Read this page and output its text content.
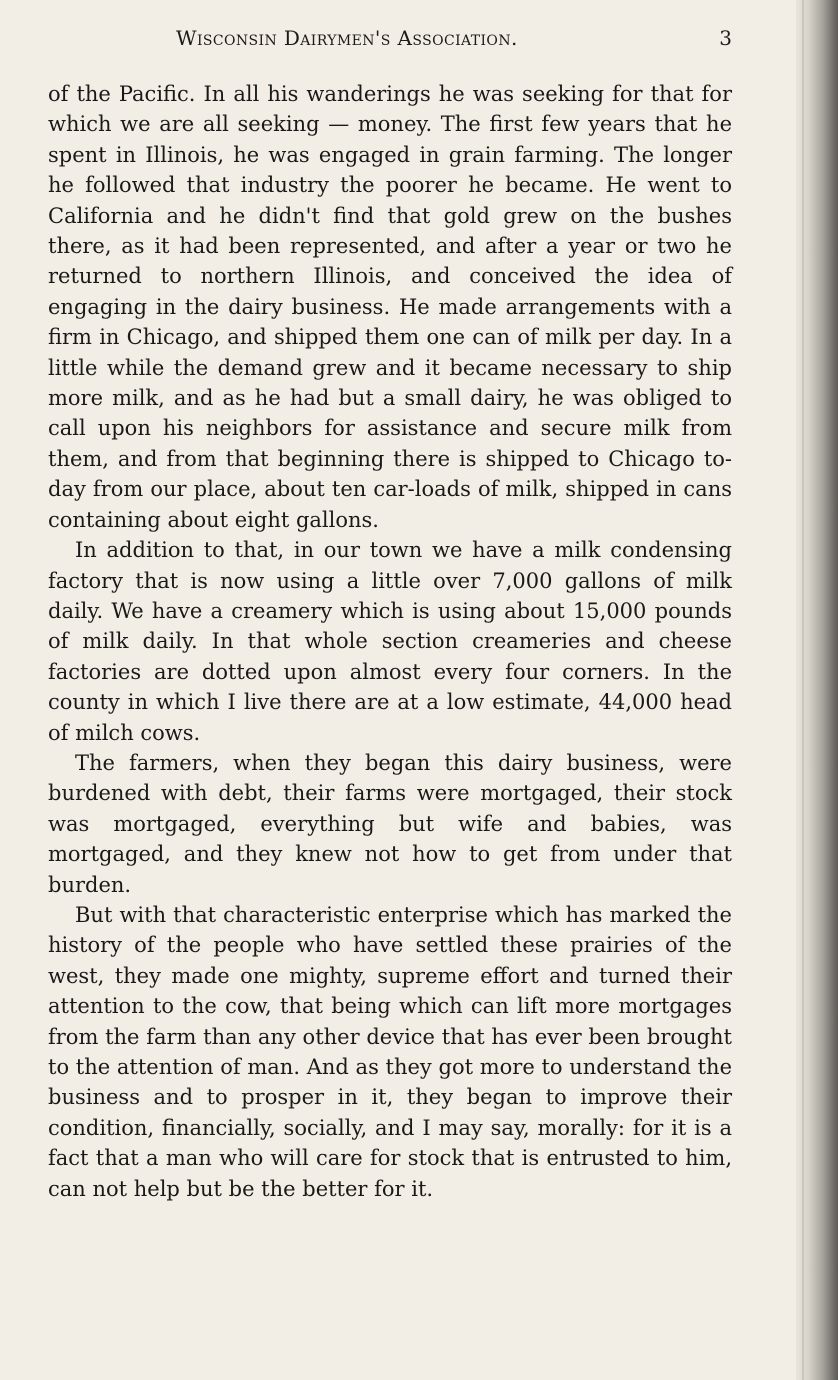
Wisconsin Dairymen's Association.	3

of the Pacific. In all his wanderings he was seeking for that for which we are all seeking — money. The first few years that he spent in Illinois, he was engaged in grain farming. The longer he followed that industry the poorer he became. He went to California and he didn't find that gold grew on the bushes there, as it had been represented, and after a year or two he returned to northern Illinois, and conceived the idea of engaging in the dairy business. He made arrangements with a firm in Chicago, and shipped them one can of milk per day. In a little while the demand grew and it became necessary to ship more milk, and as he had but a small dairy, he was obliged to call upon his neighbors for assistance and secure milk from them, and from that beginning there is shipped to Chicago to-day from our place, about ten car-loads of milk, shipped in cans containing about eight gallons.

In addition to that, in our town we have a milk condensing factory that is now using a little over 7,000 gallons of milk daily. We have a creamery which is using about 15,000 pounds of milk daily. In that whole section creameries and cheese factories are dotted upon almost every four corners. In the county in which I live there are at a low estimate, 44,000 head of milch cows.

The farmers, when they began this dairy business, were burdened with debt, their farms were mortgaged, their stock was mortgaged, everything but wife and babies, was mortgaged, and they knew not how to get from under that burden.

But with that characteristic enterprise which has marked the history of the people who have settled these prairies of the west, they made one mighty, supreme effort and turned their attention to the cow, that being which can lift more mortgages from the farm than any other device that has ever been brought to the attention of man. And as they got more to understand the business and to prosper in it, they began to improve their condition, financially, socially, and I may say, morally: for it is a fact that a man who will care for stock that is entrusted to him, can not help but be the better for it.
